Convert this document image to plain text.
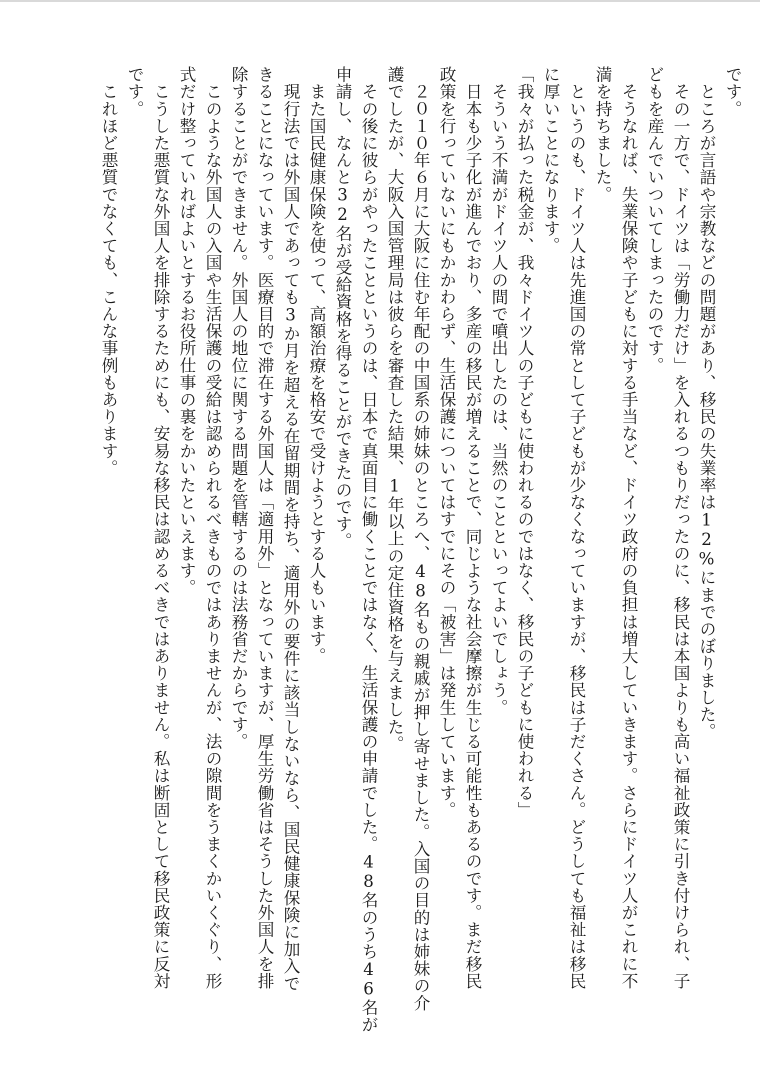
です。
　ところが言語や宗教などの問題があり、移民の失業率は12%にまでのぼりました。
　その一方で、ドイツは「労働力だけ」を入れるつもりだったのに、移民は本国よりも高い福祉政策に引き付けられ、子
どもを産んでいついてしまったのです。
　そうなれば、失業保険や子どもに対する手当など、ドイツ政府の負担は増大していきます。さらにドイツ人がこれに不
満を持ちました。
　というのも、ドイツ人は先進国の常として子どもが少なくなっていますが、移民は子だくさん。どうしても福祉は移民
に厚いことになります。
「我々が払った税金が、我々ドイツ人の子どもに使われるのではなく、移民の子どもに使われる」
　そういう不満がドイツ人の間で噴出したのは、当然のことといってよいでしょう。
　日本も少子化が進んでおり、多産の移民が増えることで、同じような社会摩擦が生じる可能性もあるのです。まだ移民
政策を行っていないにもかかわらず、生活保護についてはすでにその「被害」は発生しています。
　２０１０年６月に大阪に住む年配の中国系の姉妹のところへ、48名もの親戚が押し寄せました。入国の目的は姉妹の介
護でしたが、大阪入国管理局は彼らを審査した結果、1年以上の定住資格を与えました。
　その後に彼らがやったことというのは、日本で真面目に働くことではなく、生活保護の申請でした。48名のうち46名が
申請し、なんと32名が受給資格を得ることができたのです。
　また国民健康保険を使って、高額治療を格安で受けようとする人もいます。
　現行法では外国人であっても3か月を超える在留期間を持ち、適用外の要件に該当しないなら、国民健康保険に加入で
きることになっています。医療目的で滞在する外国人は「適用外」となっていますが、厚生労働省はそうした外国人を排
除することができません。外国人の地位に関する問題を管轄するのは法務省だからです。
　このような外国人の入国や生活保護の受給は認められるべきものではありませんが、法の隙間をうまくかいくぐり、形
式だけ整っていればよいとするお役所仕事の裏をかいたといえます。
　こうした悪質な外国人を排除するためにも、安易な移民は認めるべきではありません。私は断固として移民政策に反対
です。
　これほど悪質でなくても、こんな事例もあります。
